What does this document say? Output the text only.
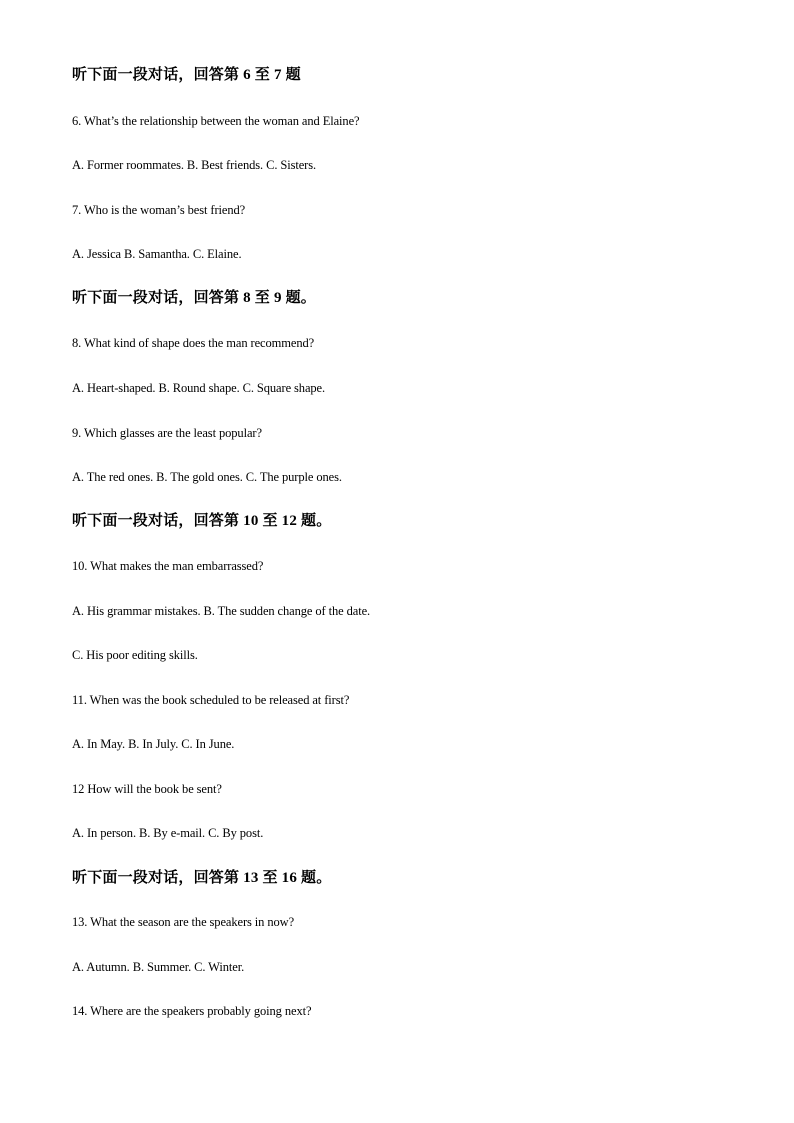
听下面一段对话，回答第 6 至 7 题
6. What’s the relationship between the woman and Elaine?
A. Former roommates. B. Best friends. C. Sisters.
7. Who is the woman’s best friend?
A. Jessica B. Samantha. C. Elaine.
听下面一段对话，回答第 8 至 9 题。
8. What kind of shape does the man recommend?
A. Heart-shaped. B. Round shape. C. Square shape.
9. Which glasses are the least popular?
A. The red ones. B. The gold ones. C. The purple ones.
听下面一段对话，回答第 10 至 12 题。
10. What makes the man embarrassed?
A. His grammar mistakes. B. The sudden change of the date.
C. His poor editing skills.
11. When was the book scheduled to be released at first?
A. In May. B. In July. C. In June.
12 How will the book be sent?
A. In person. B. By e-mail. C. By post.
听下面一段对话，回答第 13 至 16 题。
13. What the season are the speakers in now?
A. Autumn. B. Summer. C. Winter.
14. Where are the speakers probably going next?
